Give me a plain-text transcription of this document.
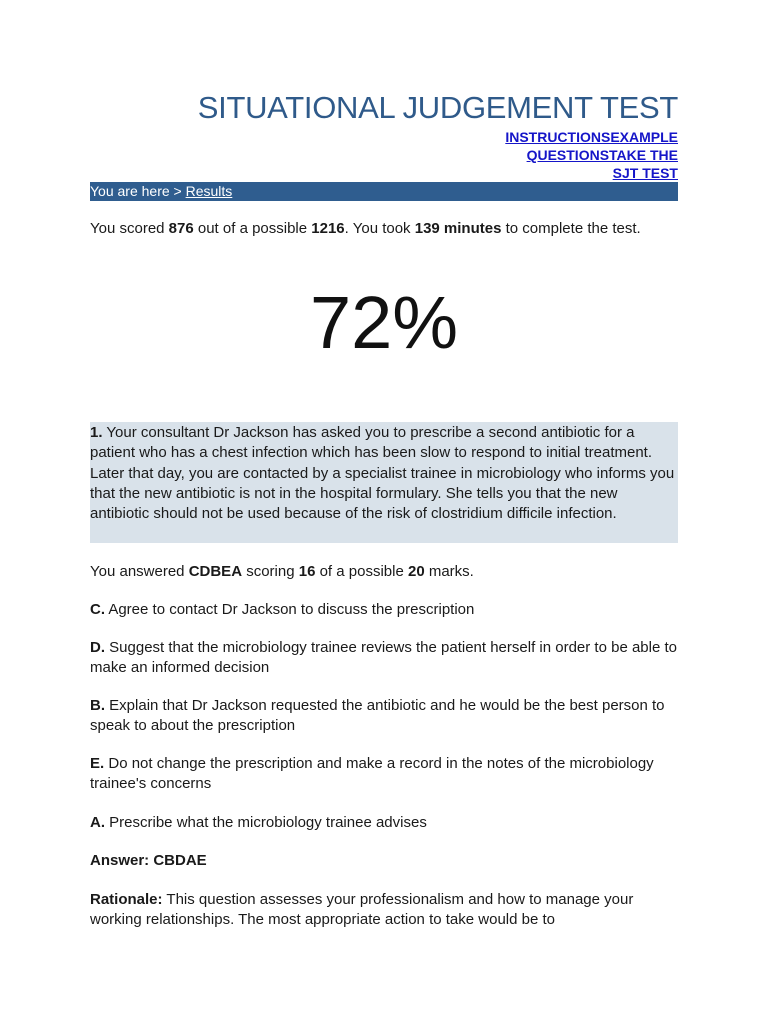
SITUATIONAL JUDGEMENT TEST
INSTRUCTIONSEXAMPLE
QUESTIONSTAKE THE
SJT TEST
You are here > Results
You scored 876 out of a possible 1216. You took 139 minutes to complete the test.
72%
1. Your consultant Dr Jackson has asked you to prescribe a second antibiotic for a patient who has a chest infection which has been slow to respond to initial treatment. Later that day, you are contacted by a specialist trainee in microbiology who informs you that the new antibiotic is not in the hospital formulary. She tells you that the new antibiotic should not be used because of the risk of clostridium difficile infection.
You answered CDBEA scoring 16 of a possible 20 marks.
C. Agree to contact Dr Jackson to discuss the prescription
D. Suggest that the microbiology trainee reviews the patient herself in order to be able to make an informed decision
B. Explain that Dr Jackson requested the antibiotic and he would be the best person to speak to about the prescription
E. Do not change the prescription and make a record in the notes of the microbiology trainee's concerns
A. Prescribe what the microbiology trainee advises
Answer: CBDAE
Rationale: This question assesses your professionalism and how to manage your working relationships. The most appropriate action to take would be to
